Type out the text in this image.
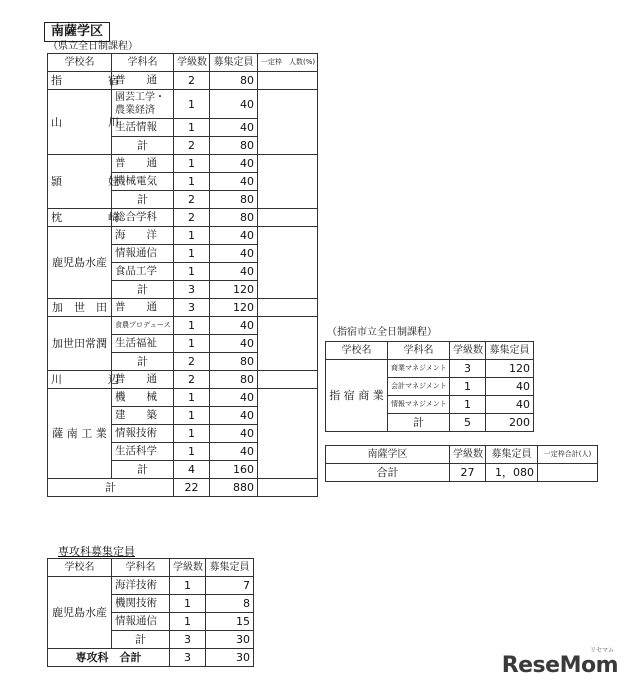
南薩学区
（県立全日制課程）
学校名	学科名	学級数	募集定員	一定枠　人数(%)
指　　宿	普　　通	2	80	
山　　川	園芸工学・
農業経済	1	40	
	生活情報	1	40	
	計	2	80	
頴　　娃	普　　通	1	40	
	機械電気	1	40	
	計	2	80	
枕　　崎	総合学科	2	80	
鹿児島水産	海　　洋	1	40	
	情報通信	1	40	
	食品工学	1	40	
	計	3	120	
加　世　田	普　　通	3	120	
加世田常潤	食農プロデュース	1	40	
	生活福祉	1	40	
	計	2	80	
川　　辺	普　　通	2	80	
薩 南 工 業	機　　械	1	40	
	建　　築	1	40	
	情報技術	1	40	
	生活科学	1	40	
	計	4	160	
計		22	880	
（指宿市立全日制課程）
学校名	学科名	学級数	募集定員
指 宿 商 業	商業マネジメント	3	120
	会計マネジメント	1	40
	情報マネジメント	1	40
	計	5	200
南薩学区	学級数	募集定員	一定枠合計(人)
合計	27	1，080	
専攻科募集定員
学校名	学科名	学級数	募集定員
鹿児島水産	海洋技術	1	7
	機関技術	1	8
	情報通信	1	15
	計	3	30
専攻科　合計		3	30
リセマム
ReseMom
